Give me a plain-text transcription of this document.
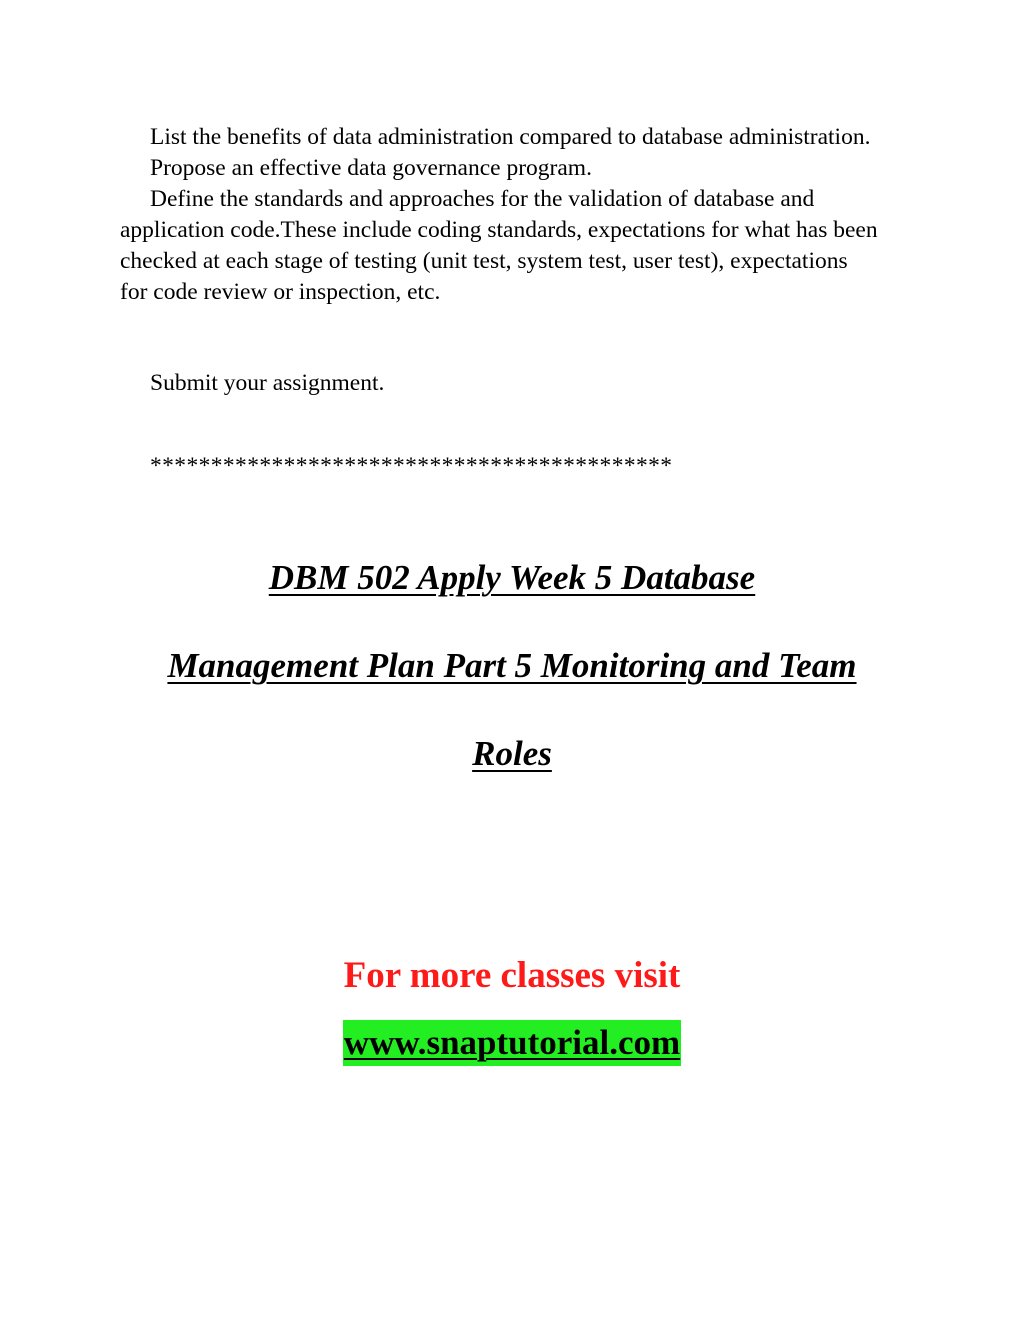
List the benefits of data administration compared to database administration.

Propose an effective data governance program.

Define the standards and approaches for the validation of database and application code.These include coding standards, expectations for what has been checked at each stage of testing (unit test, system test, user test), expectations for code review or inspection, etc.

Submit your assignment.

*******************************************

DBM 502 Apply Week 5 Database
Management Plan Part 5 Monitoring and Team
Roles
For more classes visit
www.snaptutorial.com
